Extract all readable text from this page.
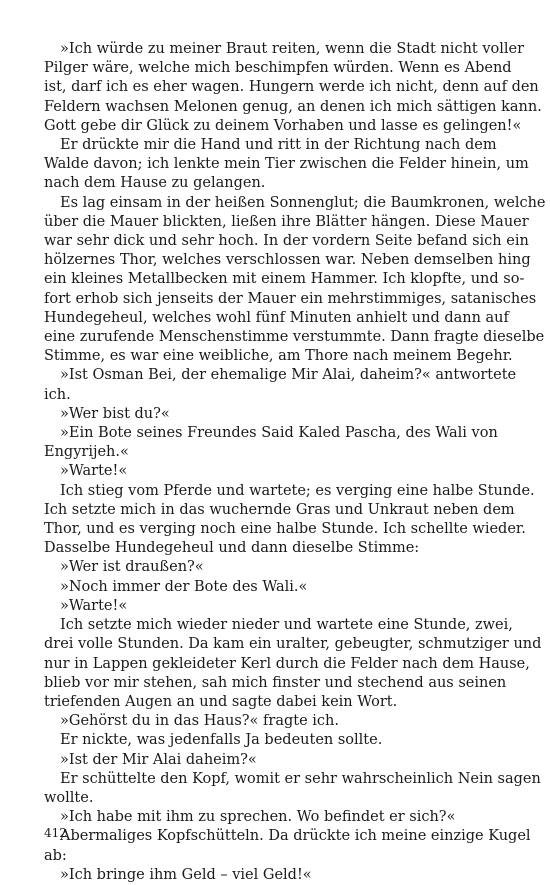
»Ich würde zu meiner Braut reiten, wenn die Stadt nicht voller
Pilger wäre, welche mich beschimpfen würden. Wenn es Abend
ist, darf ich es eher wagen. Hungern werde ich nicht, denn auf den
Feldern wachsen Melonen genug, an denen ich mich sättigen kann.
Gott gebe dir Glück zu deinem Vorhaben und lasse es gelingen!«
Er drückte mir die Hand und ritt in der Richtung nach dem
Walde davon; ich lenkte mein Tier zwischen die Felder hinein, um
nach dem Hause zu gelangen.
Es lag einsam in der heißen Sonnenglut; die Baumkronen, welche
über die Mauer blickten, ließen ihre Blätter hängen. Diese Mauer
war sehr dick und sehr hoch. In der vordern Seite befand sich ein
hölzernes Thor, welches verschlossen war. Neben demselben hing
ein kleines Metallbecken mit einem Hammer. Ich klopfte, und so-
fort erhob sich jenseits der Mauer ein mehrstimmiges, satanisches
Hundegeheul, welches wohl fünf Minuten anhielt und dann auf
eine zurufende Menschenstimme verstummte. Dann fragte dieselbe
Stimme, es war eine weibliche, am Thore nach meinem Begehr.
»Ist Osman Bei, der ehemalige Mir Alai, daheim?« antwortete
ich.
»Wer bist du?«
»Ein Bote seines Freundes Said Kaled Pascha, des Wali von
Engyrijeh.«
»Warte!«
Ich stieg vom Pferde und wartete; es verging eine halbe Stunde.
Ich setzte mich in das wuchernde Gras und Unkraut neben dem
Thor, und es verging noch eine halbe Stunde. Ich schellte wieder.
Dasselbe Hundegeheul und dann dieselbe Stimme:
»Wer ist draußen?«
»Noch immer der Bote des Wali.«
»Warte!«
Ich setzte mich wieder nieder und wartete eine Stunde, zwei,
drei volle Stunden. Da kam ein uralter, gebeugter, schmutziger und
nur in Lappen gekleideter Kerl durch die Felder nach dem Hause,
blieb vor mir stehen, sah mich finster und stechend aus seinen
triefenden Augen an und sagte dabei kein Wort.
»Gehörst du in das Haus?« fragte ich.
Er nickte, was jedenfalls Ja bedeuten sollte.
»Ist der Mir Alai daheim?«
Er schüttelte den Kopf, womit er sehr wahrscheinlich Nein sagen
wollte.
»Ich habe mit ihm zu sprechen. Wo befindet er sich?«
Abermaliges Kopfschütteln. Da drückte ich meine einzige Kugel
ab:
»Ich bringe ihm Geld – viel Geld!«
412
